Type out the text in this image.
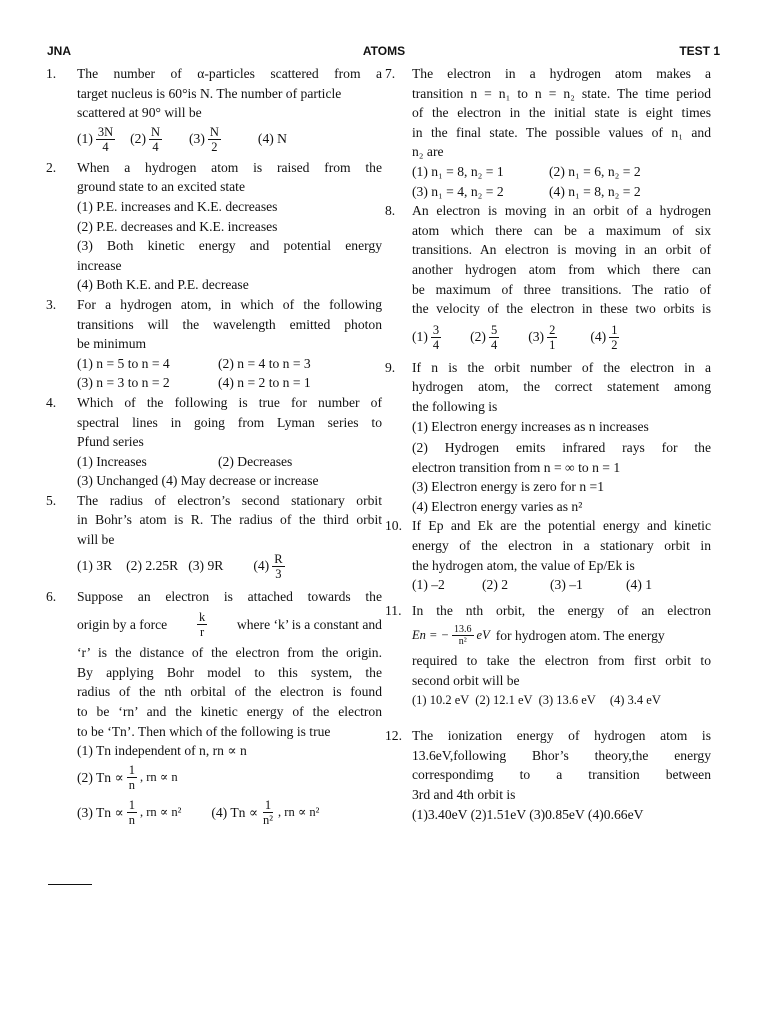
JNA	ATOMS	TEST 1
1.	The number of α-particles scattered from a
target nucleus is 60°is N. The number of particle
scattered at 90° will be
$(1) \frac{3N}{4} (2) \frac{N}{4} (3) \frac{N}{2}$	(4) N
2.	When a hydrogen atom is raised from the
ground state to an excited state
(1) P.E. increases and K.E. decreases
(2) P.E. decreases and K.E. increases
(3) Both kinetic energy and potential energy
increase
(4) Both K.E. and P.E. decrease
3.	For a hydrogen atom, in which of the following
transitions will the wavelength emitted photon
be minimum
(1) n = 5 to n = 4	(2) n = 4 to n = 3
(3) n = 3 to n = 2	(4) n = 2 to n = 1
4.	Which of the following is true for number of
spectral lines in going from Lyman series to
Pfund series
(1) Increases	(2) Decreases
(3) Unchanged (4) May decrease or increase
5.	The radius of electron’s second stationary orbit
in Bohr’s atom is R. The radius of the third orbit
will be
(1) 3R (2) 2.25R (3) 9R $(4) \frac{R}{3}$
6.	Suppose an electron is attached towards the
origin by a force $\frac{k}{r}$ where ‘k’ is a constant and
‘r’ is the distance of the electron from the origin.
By applying Bohr model to this system, the
radius of the nth orbital of the electron is found
to be ‘rn’ and the kinetic energy of the electron
to be ‘Tn’. Then which of the following is true
(1) Tn independent of n, rn ∝ n
(2) $Tn \propto \frac{1}{n}$ , rn ∝ n
(3) $Tn \propto \frac{1}{n}$ , rn ∝ n² (4) $Tn \propto \frac{1}{\text{n²}}$ , rn ∝ n²
7.	The electron in a hydrogen atom makes a
transition n = n₁ to n = n₂ state. The time period
of the electron in the initial state is eight times
in the final state. The possible values of n₁ and
n₂ are
(1) n₁ = 8, n₂ = 1	(2) n₁ = 6, n₂ = 2
(3) n₁ = 4, n₂ = 2	(4) n₁ = 8, n₂ = 2
8.	An electron is moving in an orbit of a hydrogen
atom which there can be a maximum of six
transitions. An electron is moving in an orbit of
another hydrogen atom from which there can
be maximum of three transitions. The ratio of
the velocity of the electron in these two orbits is
$(1) \frac{3}{4} (2) \frac{5}{4} (3) \frac{2}{1} (4) \frac{1}{2}$
9.	If n is the orbit number of the electron in a
hydrogen atom, the correct statement among
the following is
(1) Electron energy increases as n increases
(2) Hydrogen emits infrared rays for the
electron transition from n = ∞ to n = 1
(3) Electron energy is zero for n =1
(4) Electron energy varies as n²
10. If Ep and Ek are the potential energy and kinetic
energy of the electron in a stationary orbit in
the hydrogen atom, the value of Ep/Ek is
(1) –2	(2) 2	(3) –1	(4) 1
11. In the nth orbit, the energy of an electron
En = − $\frac{13.6}{\text{n²}}$ eV for hydrogen atom. The energy
required to take the electron from first orbit to
second orbit will be
(1) 10.2 eV (2) 12.1 eV (3) 13.6 eV (4) 3.4 eV
12. The ionization energy of hydrogen atom is
13.6eV,following Bhor’s theory,the energy
correspondimg to a transition between
3rd and 4th orbit is
(1)3.40eV (2)1.51eV (3)0.85eV (4)0.66eV
